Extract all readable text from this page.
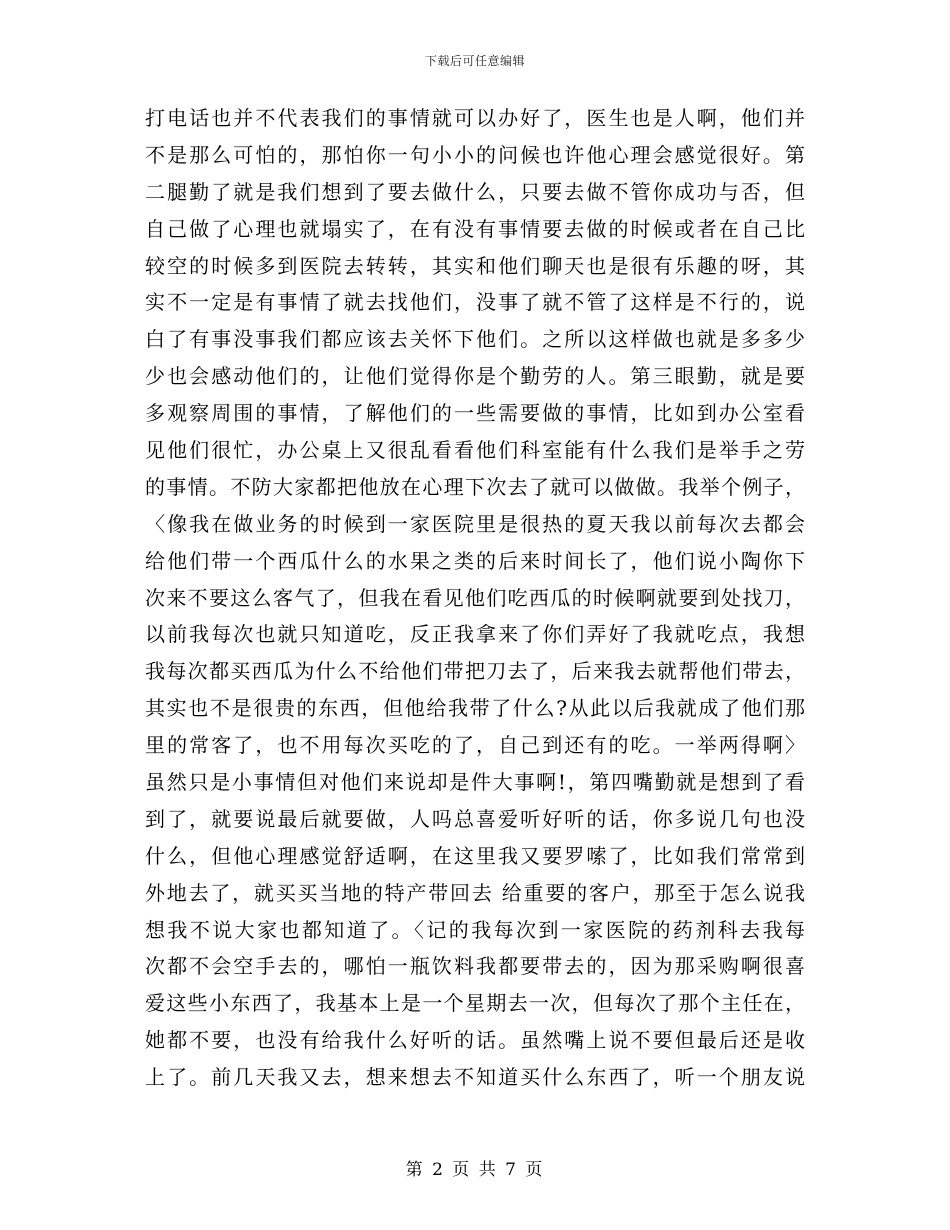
下载后可任意编辑
打电话也并不代表我们的事情就可以办好了，医生也是人啊，他们并
不是那么可怕的，那怕你一句小小的问候也许他心理会感觉很好。第
二腿勤了就是我们想到了要去做什么，只要去做不管你成功与否，但
自己做了心理也就塌实了，在有没有事情要去做的时候或者在自己比
较空的时候多到医院去转转，其实和他们聊天也是很有乐趣的呀，其
实不一定是有事情了就去找他们，没事了就不管了这样是不行的，说
白了有事没事我们都应该去关怀下他们。之所以这样做也就是多多少
少也会感动他们的，让他们觉得你是个勤劳的人。第三眼勤，就是要
多观察周围的事情，了解他们的一些需要做的事情，比如到办公室看
见他们很忙，办公桌上又很乱看看他们科室能有什么我们是举手之劳
的事情。不防大家都把他放在心理下次去了就可以做做。我举个例子，
〈像我在做业务的时候到一家医院里是很热的夏天我以前每次去都会
给他们带一个西瓜什么的水果之类的后来时间长了，他们说小陶你下
次来不要这么客气了，但我在看见他们吃西瓜的时候啊就要到处找刀，
以前我每次也就只知道吃，反正我拿来了你们弄好了我就吃点，我想
我每次都买西瓜为什么不给他们带把刀去了，后来我去就帮他们带去，
其实也不是很贵的东西，但他给我带了什么?从此以后我就成了他们那
里的常客了，也不用每次买吃的了，自己到还有的吃。一举两得啊〉
虽然只是小事情但对他们来说却是件大事啊!，第四嘴勤就是想到了看
到了，就要说最后就要做，人吗总喜爱听好听的话，你多说几句也没
什么，但他心理感觉舒适啊，在这里我又要罗嗦了，比如我们常常到
外地去了，就买买当地的特产带回去 给重要的客户，那至于怎么说我
想我不说大家也都知道了。〈记的我每次到一家医院的药剂科去我每
次都不会空手去的，哪怕一瓶饮料我都要带去的，因为那采购啊很喜
爱这些小东西了，我基本上是一个星期去一次，但每次了那个主任在，
她都不要，也没有给我什么好听的话。虽然嘴上说不要但最后还是收
上了。前几天我又去，想来想去不知道买什么东西了，听一个朋友说
第 2 页 共 7 页
